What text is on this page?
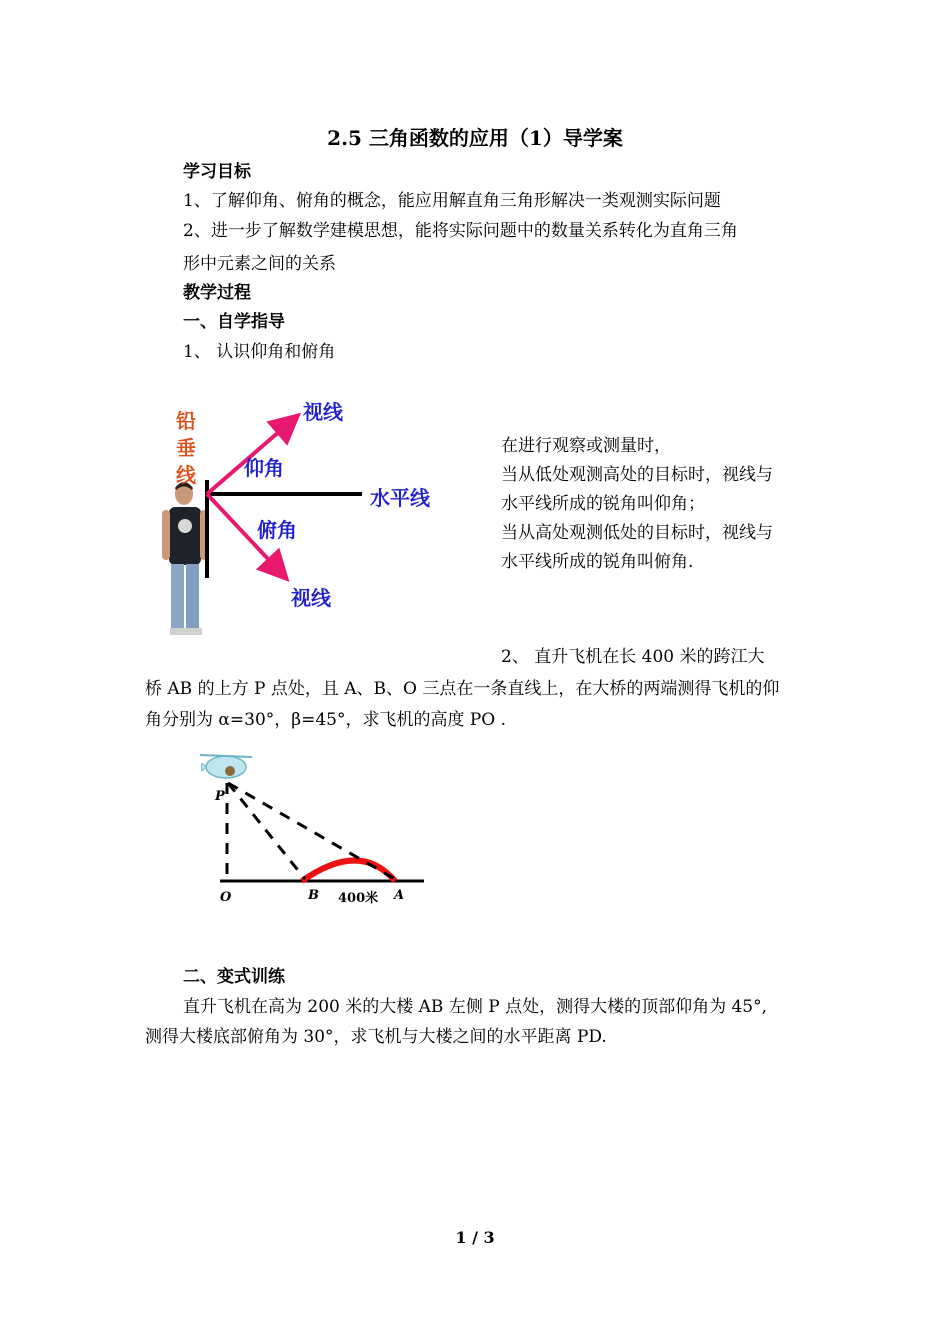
2.5 三角函数的应用（1）导学案
学习目标
1、了解仰角、俯角的概念，能应用解直角三角形解决一类观测实际问题
2、进一步了解数学建模思想，能将实际问题中的数量关系转化为直角三角
形中元素之间的关系
教学过程
一、自学指导
1、 认识仰角和俯角
铅
垂
线
视线
仰角
水平线
俯角
视线
在进行观察或测量时，
当从低处观测高处的目标时，视线与
水平线所成的锐角叫仰角；
当从高处观测低处的目标时，视线与
水平线所成的锐角叫俯角.
2、 直升飞机在长 400 米的跨江大
桥 AB 的上方 P 点处，且 A、B、O 三点在一条直线上，在大桥的两端测得飞机的仰
角分别为 α=30°，β=45°，求飞机的高度 PO .
P
O	B 400米 A
二、变式训练
直升飞机在高为 200 米的大楼 AB 左侧 P 点处，测得大楼的顶部仰角为 45°,
测得大楼底部俯角为 30°，求飞机与大楼之间的水平距离 PD.
1 / 3
